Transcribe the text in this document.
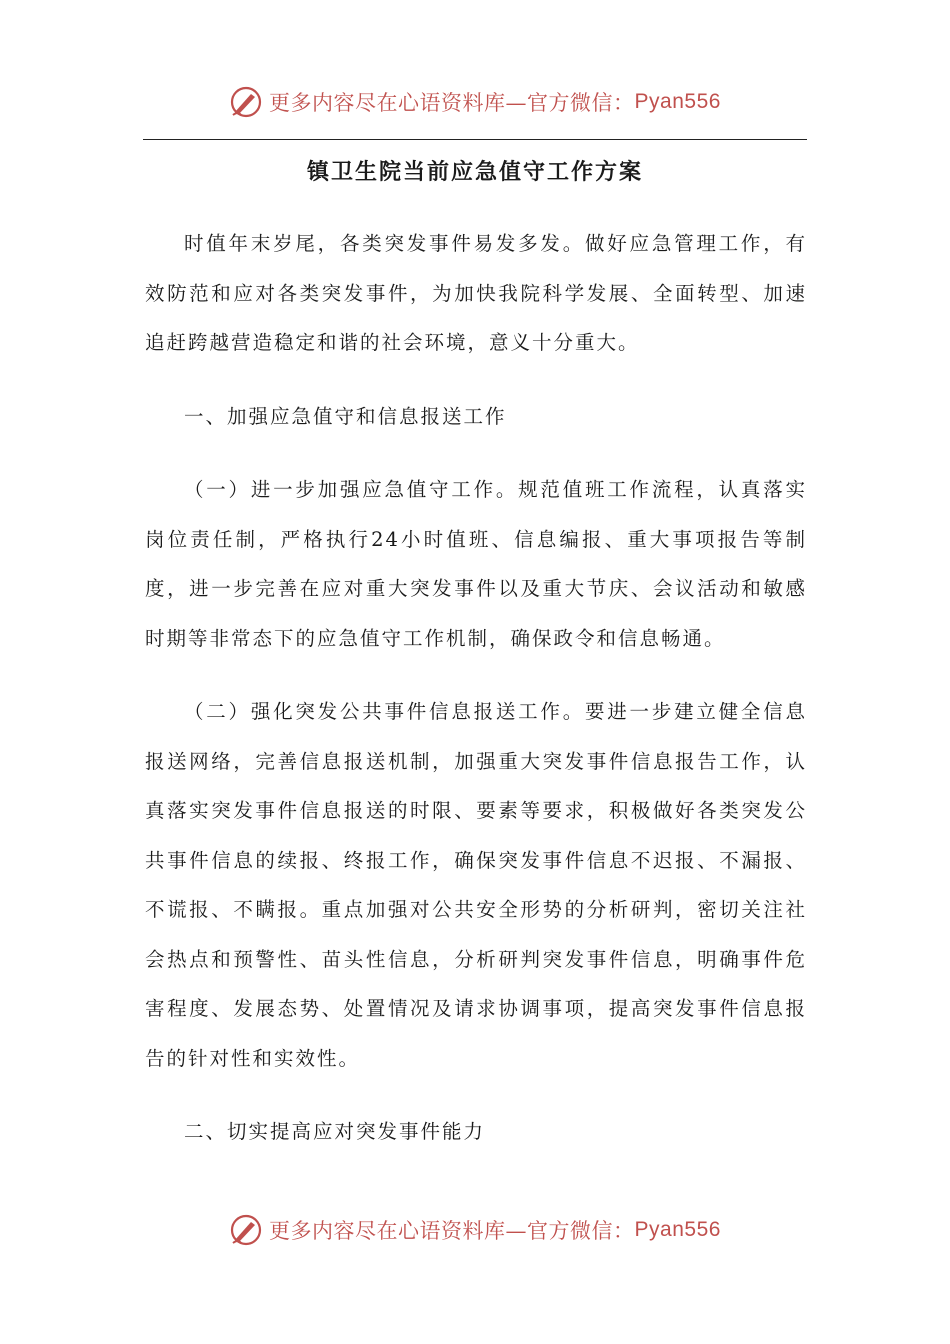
更多内容尽在心语资料库—官方微信： Pyan556
镇卫生院当前应急值守工作方案

时值年末岁尾，各类突发事件易发多发。做好应急管理工作，有效防范和应对各类突发事件，为加快我院科学发展、全面转型、加速追赶跨越营造稳定和谐的社会环境，意义十分重大。

一、加强应急值守和信息报送工作

（一）进一步加强应急值守工作。规范值班工作流程，认真落实岗位责任制，严格执行24小时值班、信息编报、重大事项报告等制度，进一步完善在应对重大突发事件以及重大节庆、会议活动和敏感时期等非常态下的应急值守工作机制，确保政令和信息畅通。

（二）强化突发公共事件信息报送工作。要进一步建立健全信息报送网络，完善信息报送机制，加强重大突发事件信息报告工作，认真落实突发事件信息报送的时限、要素等要求，积极做好各类突发公共事件信息的续报、终报工作，确保突发事件信息不迟报、不漏报、不谎报、不瞒报。重点加强对公共安全形势的分析研判，密切关注社会热点和预警性、苗头性信息，分析研判突发事件信息，明确事件危害程度、发展态势、处置情况及请求协调事项，提高突发事件信息报告的针对性和实效性。

二、切实提高应对突发事件能力

更多内容尽在心语资料库—官方微信： Pyan556
